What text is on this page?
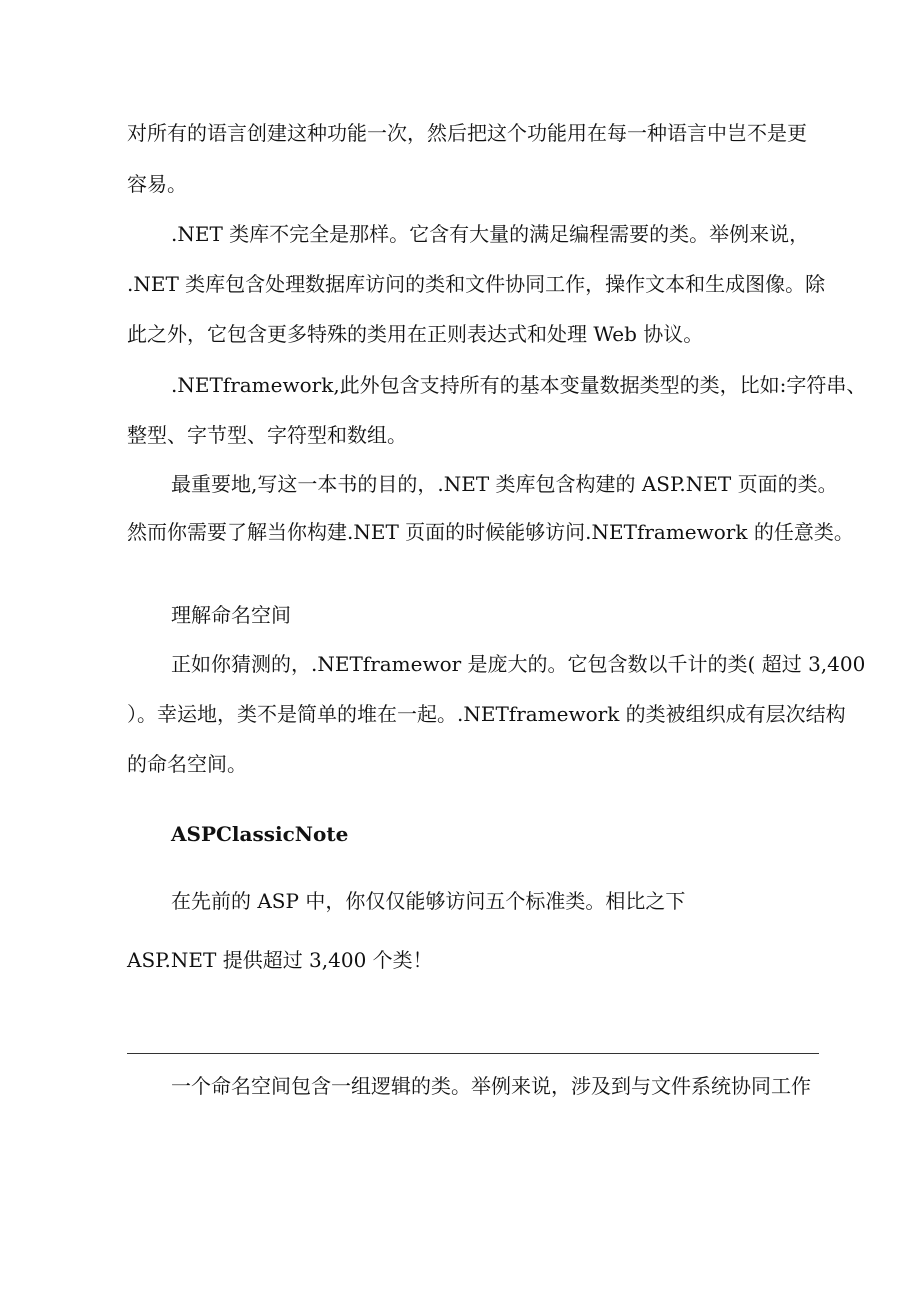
对所有的语言创建这种功能一次，然后把这个功能用在每一种语言中岂不是更
容易。
.NET 类库不完全是那样。它含有大量的满足编程需要的类。举例来说，
.NET 类库包含处理数据库访问的类和文件协同工作，操作文本和生成图像。除
此之外，它包含更多特殊的类用在正则表达式和处理 Web 协议。
.NETframework,此外包含支持所有的基本变量数据类型的类，比如:字符串、
整型、字节型、字符型和数组。
最重要地,写这一本书的目的，.NET 类库包含构建的 ASP.NET 页面的类。
然而你需要了解当你构建.NET 页面的时候能够访问.NETframework 的任意类。
理解命名空间
正如你猜测的，.NETframewor 是庞大的。它包含数以千计的类( 超过 3,400
）。幸运地，类不是简单的堆在一起。.NETframework 的类被组织成有层次结构
的命名空间。
ASPClassicNote
在先前的 ASP 中，你仅仅能够访问五个标准类。相比之下
ASP.NET 提供超过 3,400 个类！
一个命名空间包含一组逻辑的类。举例来说，涉及到与文件系统协同工作
